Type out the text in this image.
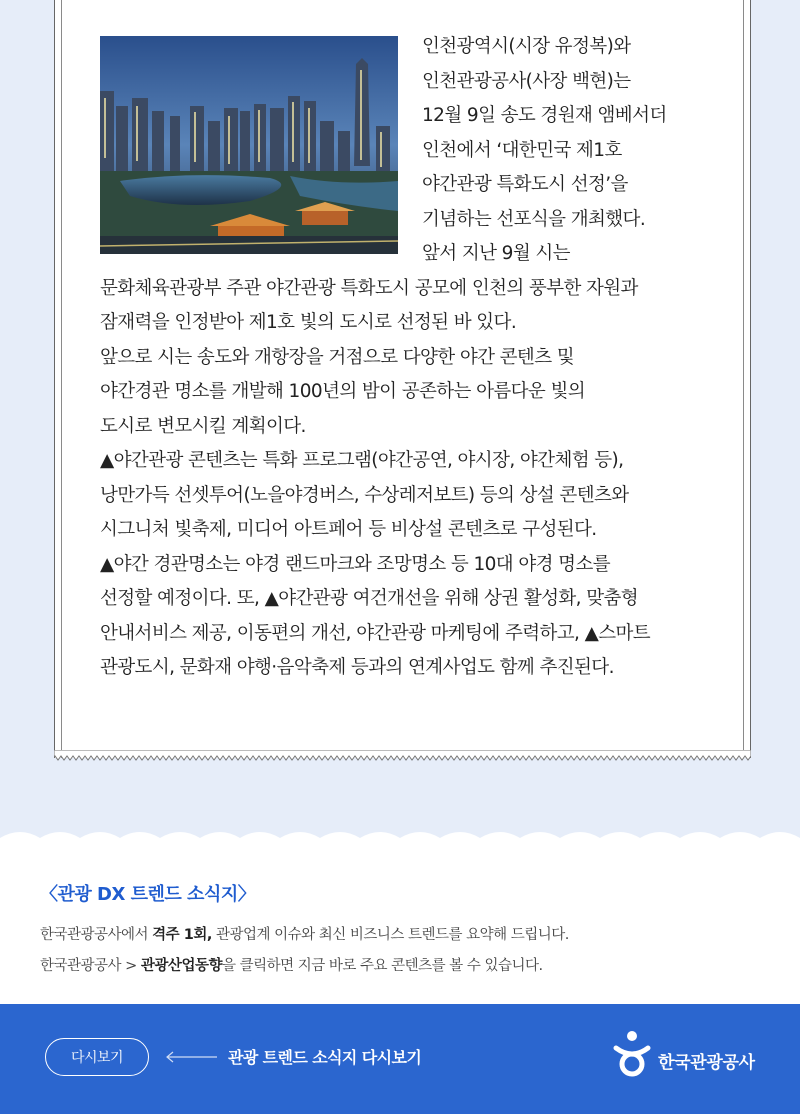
인천광역시(시장 유정복)와

인천관광공사(사장 백현)는

12월 9일 송도 경원재 앰베서더

인천에서 ‘대한민국 제1호

야간관광 특화도시 선정’을

기념하는 선포식을 개최했다.

앞서 지난 9월 시는

문화체육관광부 주관 야간관광 특화도시 공모에 인천의 풍부한 자원과

잠재력을 인정받아 제1호 빛의 도시로 선정된 바 있다.

앞으로 시는 송도와 개항장을 거점으로 다양한 야간 콘텐츠 및

야간경관 명소를 개발해 100년의 밤이 공존하는 아름다운 빛의

도시로 변모시킬 계획이다.

▲야간관광 콘텐츠는 특화 프로그램(야간공연, 야시장, 야간체험 등),

낭만가득 선셋투어(노을야경버스, 수상레저보트) 등의 상설 콘텐츠와

시그니처 빛축제, 미디어 아트페어 등 비상설 콘텐츠로 구성된다.

▲야간 경관명소는 야경 랜드마크와 조망명소 등 10대 야경 명소를

선정할 예정이다. 또, ▲야간관광 여건개선을 위해 상권 활성화, 맞춤형

안내서비스 제공, 이동편의 개선, 야간관광 마케팅에 주력하고, ▲스마트

관광도시, 문화재 야행·음악축제 등과의 연계사업도 함께 추진된다.

〈관광 DX 트렌드 소식지〉
한국관광공사에서 격주 1회, 관광업계 이슈와 최신 비즈니스 트렌드를 요약해 드립니다.
한국관광공사 > 관광산업동향을 클릭하면 지금 바로 주요 콘텐츠를 볼 수 있습니다.
다시보기	관광 트렌드 소식지 다시보기	한국관광공사
